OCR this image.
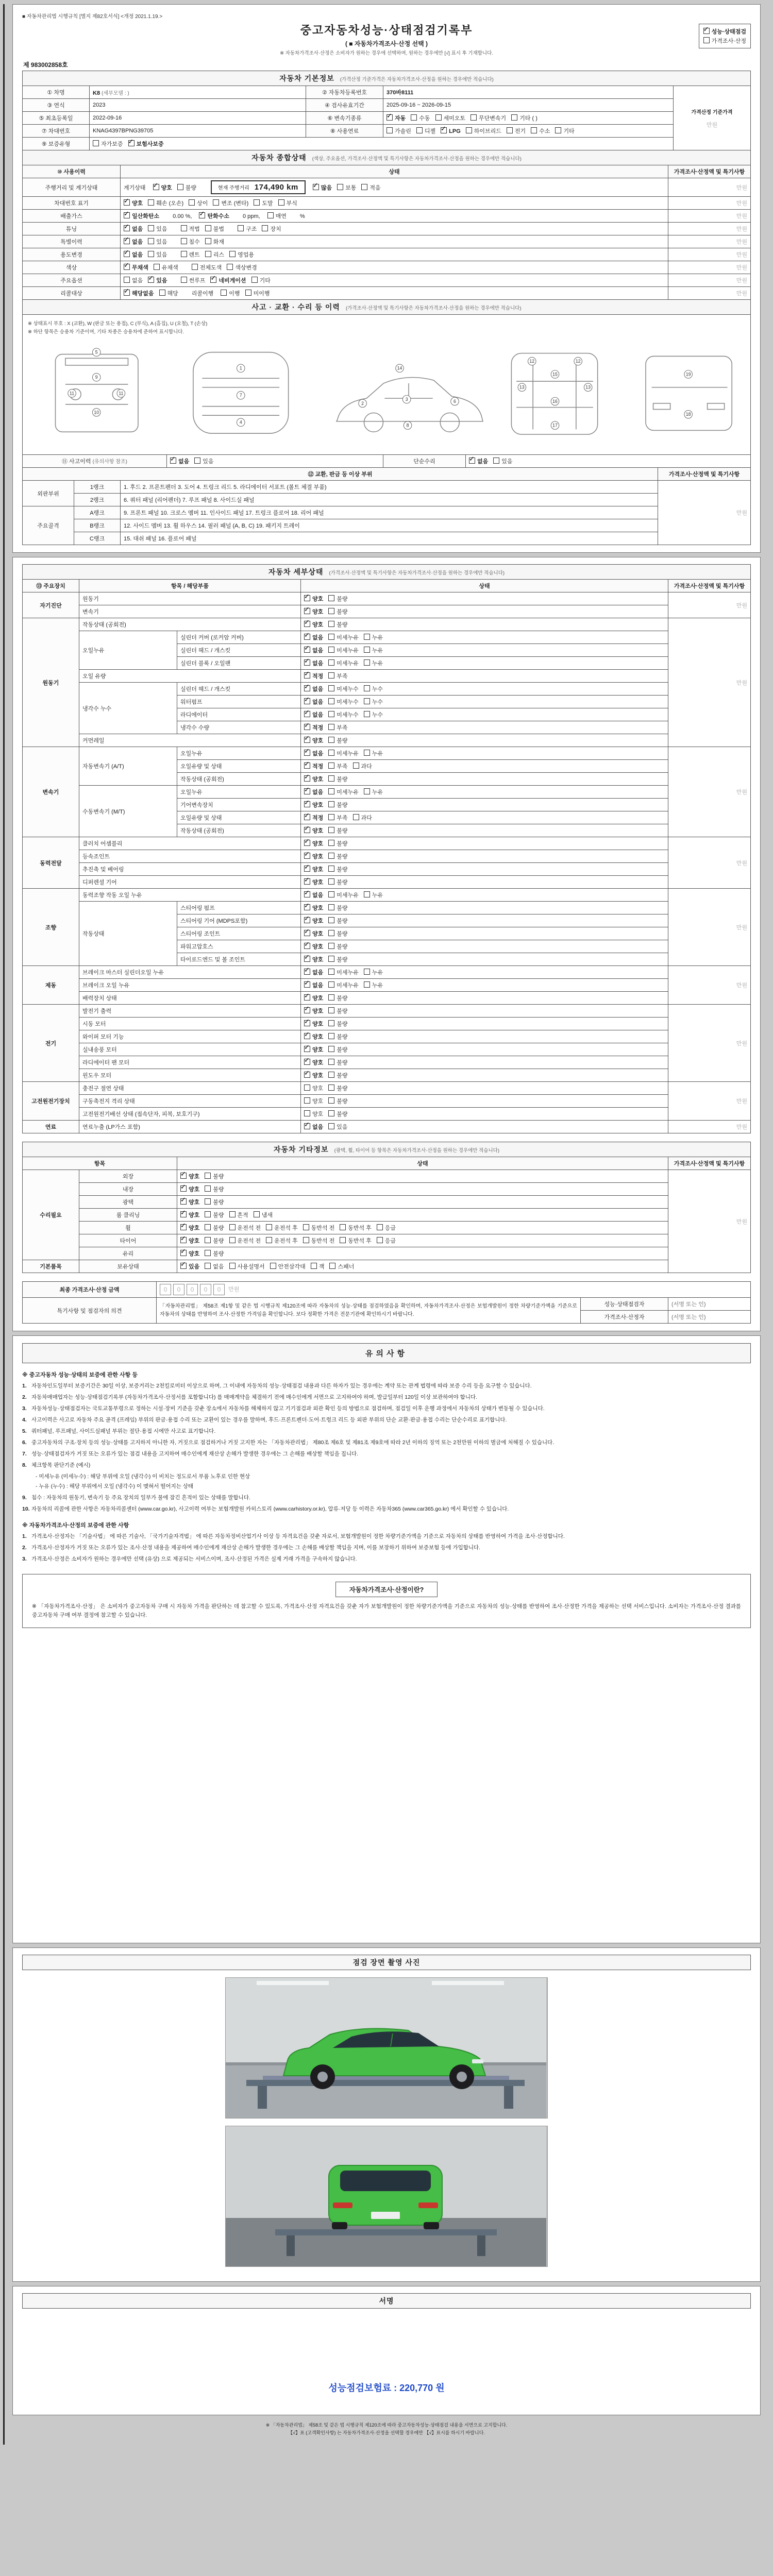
■ 자동차관리법 시행규칙 [별지 제82호서식] <개정 2021.1.19.>
중고자동차성능·상태점검기록부
( ■ 자동차가격조사·산정 선택 )
※ 자동차가격조사·산정은 소비자가 원하는 경우에 선택하며, 원하는 경우에만 [√] 표시 후 기재합니다.
✓성능·상태점검
가격조사·산정
제 983002858호
자동차 기본정보 (가격산정 기준가격은 자동차가격조사·산정을 원하는 경우에만 적습니다)				
① 차명	K8 (세부모델 : )	② 자동차등록번호	370바8111	가격산정 기준가격
만원

③ 연식	2023	④ 검사유효기간	2025-09-16 ~ 2026-09-15	
⑤ 최초등록일	2022-09-16	⑥ 변속기종류	✓자동 수동 세미오토 무단변속기 기타 ( )
⑦ 차대번호	KNAG4397BPNG39705	⑧ 사용연료	가솔린 디젤 ✓ LPG 하이브리드 전기 수소 기타
⑨ 보증유형	자가보증 ✓ 보험사보증
자동차 종합상태 (색상, 주요옵션, 가격조사·산정액 및 특기사항은 자동차가격조사·산정을 원하는 경우에만 적습니다)		
⑩ 사용이력	상태	가격조사·산정액 및 특기사항
주행거리 및 계기상태	계기상태 ✓ 양호 불량 현재 주행거리 174,490 km ✓ 많음 보통 적음	만원
차대번호 표기	✓양호 훼손 (오손) 상이 변조 (변타) 도말 부식	만원
배출가스	✓일산화탄소 0.00 %, ✓ 탄화수소 0 ppm, 매연 %	만원
튜닝	✓없음 있음 적법 불법 구조 장치	만원
특별이력	✓없음 있음 침수 화재	만원
용도변경	✓없음 있음 렌트 리스 영업용	만원
색상	✓무채색 유채색 전체도색 색상변경	만원
주요옵션	없음 ✓ 있음 썬루프 ✓ 네비게이션 기타	만원
리콜대상	✓해당없음 해당 리콜이행 이행 미이행	만원
사고 · 교환 · 수리 등 이력 (가격조사·산정액 및 특기사항은 자동차가격조사·산정을 원하는 경우에만 적습니다)
※ 상태표시 부호 : X (교환), W (판금 또는 용접), C (부식), A (흠집), U (요철), T (손상)
※ 하단 항목은 승용차 기준이며, 기타 차종은 승용차에 준하여 표시합니다.
5
9
11	11
10
1
7
4
2
3	6
8
14
12	12
13	13
15
16
17
19
18
⑪ 사고이력 (유의사항 참조)	✓없음 있음	단순수리	✓없음 있음
⑫ 교환, 판금 등 이상 부위			가격조사·산정액 및 특기사항
외판부위	1랭크	1. 후드 2. 프론트펜더 3. 도어 4. 트렁크 리드 5. 라디에이터 서포트 (볼트 체결 부품)	만원
	2랭크	6. 쿼터 패널 (리어펜더) 7. 루프 패널 8. 사이드실 패널	
주요골격	A랭크	9. 프론트 패널 10. 크로스 멤버 11. 인사이드 패널 17. 트렁크 플로어 18. 리어 패널	
	B랭크	12. 사이드 멤버 13. 휠 하우스 14. 필러 패널 (A, B, C) 19. 패키지 트레이	
	C랭크	15. 대쉬 패널 16. 플로어 패널	
자동차 세부상태 (가격조사·산정액 및 특기사항은 자동차가격조사·산정을 원하는 경우에만 적습니다)				
⑬ 주요장치	항목 / 해당부품		상태	가격조사·산정액 및 특기사항
자기진단	원동기	✓양호 불량	만원
	변속기	✓양호 불량
원동기	작동상태 (공회전)	✓양호 불량	만원
	오일누유	실린더 커버 (로커암 커버)	✓없음 미세누유 누유
		실린더 헤드 / 개스킷	✓없음 미세누유 누유
		실린더 블록 / 오일팬	✓없음 미세누유 누유
	오일 유량	✓적정 부족
	냉각수 누수	실린더 헤드 / 개스킷	✓없음 미세누수 누수
		워터펌프	✓없음 미세누수 누수
		라디에이터	✓없음 미세누수 누수
		냉각수 수량	✓적정 부족
	커먼레일	✓양호 불량
변속기	자동변속기 (A/T)	오일누유	✓없음 미세누유 누유	만원
		오일유량 및 상태	✓적정 부족 과다
		작동상태 (공회전)	✓양호 불량
	수동변속기 (M/T)	오일누유	✓없음 미세누유 누유
		기어변속장치	✓양호 불량
		오일유량 및 상태	✓적정 부족 과다
		작동상태 (공회전)	✓양호 불량
동력전달	클러치 어셈블리	✓양호 불량	만원
	등속조인트	✓양호 불량
	추진축 및 베어링	✓양호 불량
	디퍼렌셜 기어	✓양호 불량
조향	동력조향 작동 오일 누유	✓없음 미세누유 누유	만원
	작동상태	스티어링 펌프	✓양호 불량
		스티어링 기어 (MDPS포함)	✓양호 불량
		스티어링 조인트	✓양호 불량
		파워고압호스	✓양호 불량
		타이로드엔드 및 볼 조인트	✓양호 불량
제동	브레이크 마스터 실린더오일 누유	✓없음 미세누유 누유	만원
	브레이크 오일 누유	✓없음 미세누유 누유
	배력장치 상태	✓양호 불량
전기	발전기 출력	✓양호 불량	만원
	시동 모터	✓양호 불량
	와이퍼 모터 기능	✓양호 불량
	실내송풍 모터	✓양호 불량
	라디에이터 팬 모터	✓양호 불량
	윈도우 모터	✓양호 불량
고전원전기장치	충전구 절연 상태		양호 불량	만원
	구동축전지 격리 상태		양호 불량	
	고전원전기배선 상태 (접속단자, 피복, 보호기구)		양호 불량	
연료	연료누출 (LP가스 포함)	✓없음 있음	만원
자동차 기타정보 (광택, 휠, 타이어 등 항목은 자동차가격조사·산정을 원하는 경우에만 적습니다)			
항목		상태	가격조사·산정액 및 특기사항
수리필요	외장	✓양호 불량	만원
	내장	✓양호 불량
	광택	✓양호 불량
	룸 클리닝	✓양호 불량 흔적 냄새
	휠	✓양호 불량 운전석 전 운전석 후 동반석 전 동반석 후 응급
	타이어	✓양호 불량 운전석 전 운전석 후 동반석 전 동반석 후 응급
	유리	✓양호 불량
기본품목	보유상태	✓있음 없음 사용설명서 안전삼각대 잭 스패너
최종 가격조사·산정 금액	0 0 0 0 0 만원		
특기사항 및 점검자의 의견	「자동차관리법」 제58조 제1항 및 같은 법 시행규칙 제120조에 따라 자동차의 성능·상태를 점검하였음을 확인하며, 자동차가격조사·산정은 보험개발원이 정한 차량기준가액을 기준으로 자동차의 상태를 반영하여 조사·산정한 가격임을 확인합니다. 보다 정확한 가격은 전문기관에 확인하시기 바랍니다.	성능·상태점검자	(서명 또는 인)
		가격조사·산정자	(서명 또는 인)
유의사항
※ 중고자동차 성능·상태의 보증에 관한 사항 등
1. 자동차인도일부터 보증기간은 30일 이상, 보증거리는 2천킬로미터 이상으로 하며, 그 이내에 자동차의 성능·상태점검 내용과 다른 하자가 있는 경우에는 계약 또는 관계 법령에 따라 보증 수리 등을 요구할 수 있습니다.
2. 자동차매매업자는 성능·상태점검기록부 (자동차가격조사·산정서를 포함합니다) 를 매매계약을 체결하기 전에 매수인에게 서면으로 고지하여야 하며, 발급일부터 120일 이상 보관하여야 합니다.
3. 자동차성능·상태점검자는 국토교통부령으로 정하는 시설·장비 기준을 갖춘 장소에서 자동차를 해체하지 않고 기기점검과 외관 확인 등의 방법으로 점검하며, 점검일 이후 운행 과정에서 자동차의 상태가 변동될 수 있습니다.
4. 사고이력은 사고로 자동차 주요 골격 (프레임) 부위의 판금·용접 수리 또는 교환이 있는 경우를 말하며, 후드·프론트펜더·도어·트렁크 리드 등 외판 부위의 단순 교환·판금·용접 수리는 단순수리로 표기합니다.
5. 쿼터패널, 루프패널, 사이드실패널 부위는 절단·용접 시에만 사고로 표기합니다.
6. 중고자동차의 구조·장치 등의 성능·상태를 고지하지 아니한 자, 거짓으로 점검하거나 거짓 고지한 자는 「자동차관리법」 제80조 제6호 및 제81조 제9호에 따라 2년 이하의 징역 또는 2천만원 이하의 벌금에 처해질 수 있습니다.
7. 성능·상태점검자가 거짓 또는 오류가 있는 점검 내용을 고지하여 매수인에게 재산상 손해가 발생한 경우에는 그 손해를 배상할 책임을 집니다.
8. 체크항목 판단기준 (예시)
- 미세누유 (미세누수) : 해당 부위에 오일 (냉각수) 이 비치는 정도로서 부품 노후로 인한 현상
- 누유 (누수) : 해당 부위에서 오일 (냉각수) 이 맺혀서 떨어지는 상태
9. 침수 : 자동차의 원동기, 변속기 등 주요 장치의 일부가 물에 잠긴 흔적이 있는 상태를 말합니다.
10. 자동차의 리콜에 관한 사항은 자동차리콜센터 (www.car.go.kr), 사고이력 여부는 보험개발원 카히스토리 (www.carhistory.or.kr), 압류·저당 등 이력은 자동차365 (www.car365.go.kr) 에서 확인할 수 있습니다.
※ 자동차가격조사·산정의 보증에 관한 사항
1. 가격조사·산정자는 「기술사법」 에 따른 기술사, 「국가기술자격법」 에 따른 자동차정비산업기사 이상 등 자격요건을 갖춘 자로서, 보험개발원이 정한 차량기준가액을 기준으로 자동차의 상태를 반영하여 가격을 조사·산정합니다.
2. 가격조사·산정자가 거짓 또는 오류가 있는 조사·산정 내용을 제공하여 매수인에게 재산상 손해가 발생한 경우에는 그 손해를 배상할 책임을 지며, 이를 보장하기 위하여 보증보험 등에 가입합니다.
3. 가격조사·산정은 소비자가 원하는 경우에만 선택 (유상) 으로 제공되는 서비스이며, 조사·산정된 가격은 실제 거래 가격을 구속하지 않습니다.
자동차가격조사·산정이란?
※ 「자동차가격조사·산정」 은 소비자가 중고자동차 구매 시 자동차 가격을 판단하는 데 참고할 수 있도록, 가격조사·산정 자격요건을 갖춘 자가 보험개발원이 정한 차량기준가액을 기준으로 자동차의 성능·상태를 반영하여 조사·산정한 가격을 제공하는 선택 서비스입니다. 소비자는 가격조사·산정 결과를 중고자동차 구매 여부 결정에 참고할 수 있습니다.
점검 장면 촬영 사진
서명
성능점검보험료 : 220,770 원
※ 「자동차관리법」 제58조 및 같은 법 시행규칙 제120조에 따라 중고자동차성능·상태점검 내용을 서면으로 고지합니다.
【√】표 (고객확인사항) 는 자동차가격조사·산정을 선택할 경우에만 【√】표시를 하시기 바랍니다.
